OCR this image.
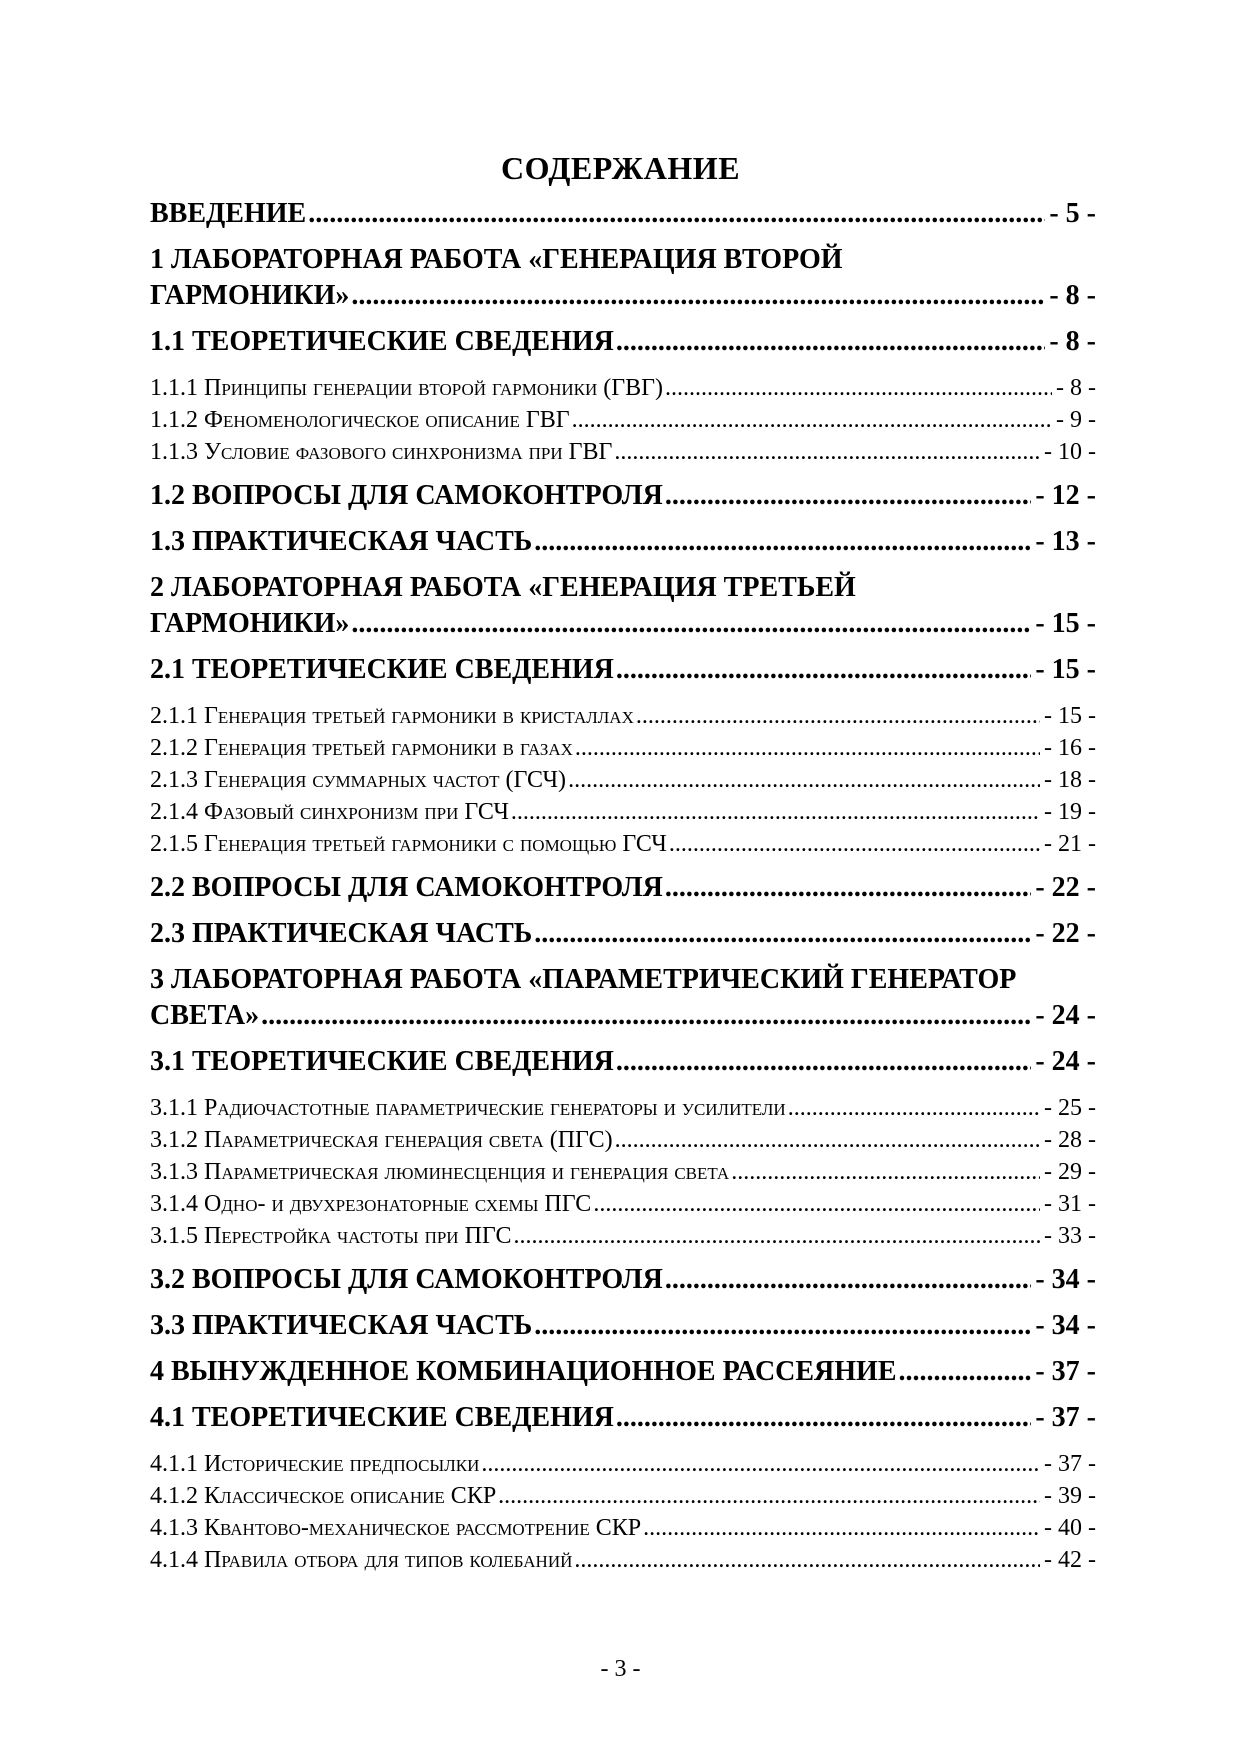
СОДЕРЖАНИЕ
ВВЕДЕНИЕ .....	- 5 -
1 ЛАБОРАТОРНАЯ РАБОТА «ГЕНЕРАЦИЯ ВТОРОЙ
ГАРМОНИКИ» .....	- 8 -
1.1 ТЕОРЕТИЧЕСКИЕ СВЕДЕНИЯ .....	- 8 -
1.1.1 Принципы генерации второй гармоники (ГВГ) .....	- 8 -
1.1.2 Феноменологическое описание ГВГ .....	- 9 -
1.1.3 Условие фазового синхронизма при ГВГ .....	- 10 -
1.2 ВОПРОСЫ ДЛЯ САМОКОНТРОЛЯ .....	- 12 -
1.3 ПРАКТИЧЕСКАЯ ЧАСТЬ .....	- 13 -
2 ЛАБОРАТОРНАЯ РАБОТА «ГЕНЕРАЦИЯ ТРЕТЬЕЙ
ГАРМОНИКИ» .....	- 15 -
2.1 ТЕОРЕТИЧЕСКИЕ СВЕДЕНИЯ .....	- 15 -
2.1.1 Генерация третьей гармоники в кристаллах .....	- 15 -
2.1.2 Генерация третьей гармоники в газах .....	- 16 -
2.1.3 Генерация суммарных частот (ГСЧ) .....	- 18 -
2.1.4 Фазовый синхронизм при ГСЧ .....	- 19 -
2.1.5 Генерация третьей гармоники с помощью ГСЧ .....	- 21 -
2.2 ВОПРОСЫ ДЛЯ САМОКОНТРОЛЯ .....	- 22 -
2.3 ПРАКТИЧЕСКАЯ ЧАСТЬ .....	- 22 -
3 ЛАБОРАТОРНАЯ РАБОТА «ПАРАМЕТРИЧЕСКИЙ ГЕНЕРАТОР
СВЕТА» .....	- 24 -
3.1 ТЕОРЕТИЧЕСКИЕ СВЕДЕНИЯ .....	- 24 -
3.1.1 Радиочастотные параметрические генераторы и усилители .....	- 25 -
3.1.2 Параметрическая генерация света (ПГС) .....	- 28 -
3.1.3 Параметрическая люминесценция и генерация света .....	- 29 -
3.1.4 Одно- и двухрезонаторные схемы ПГС .....	- 31 -
3.1.5 Перестройка частоты при ПГС .....	- 33 -
3.2 ВОПРОСЫ ДЛЯ САМОКОНТРОЛЯ .....	- 34 -
3.3 ПРАКТИЧЕСКАЯ ЧАСТЬ .....	- 34 -
4 ВЫНУЖДЕННОЕ КОМБИНАЦИОННОЕ РАССЕЯНИЕ .....	- 37 -
4.1 ТЕОРЕТИЧЕСКИЕ СВЕДЕНИЯ .....	- 37 -
4.1.1 Исторические предпосылки .....	- 37 -
4.1.2 Классическое описание СКР .....	- 39 -
4.1.3 Квантово-механическое рассмотрение СКР .....	- 40 -
4.1.4 Правила отбора для типов колебаний .....	- 42 -
- 3 -
